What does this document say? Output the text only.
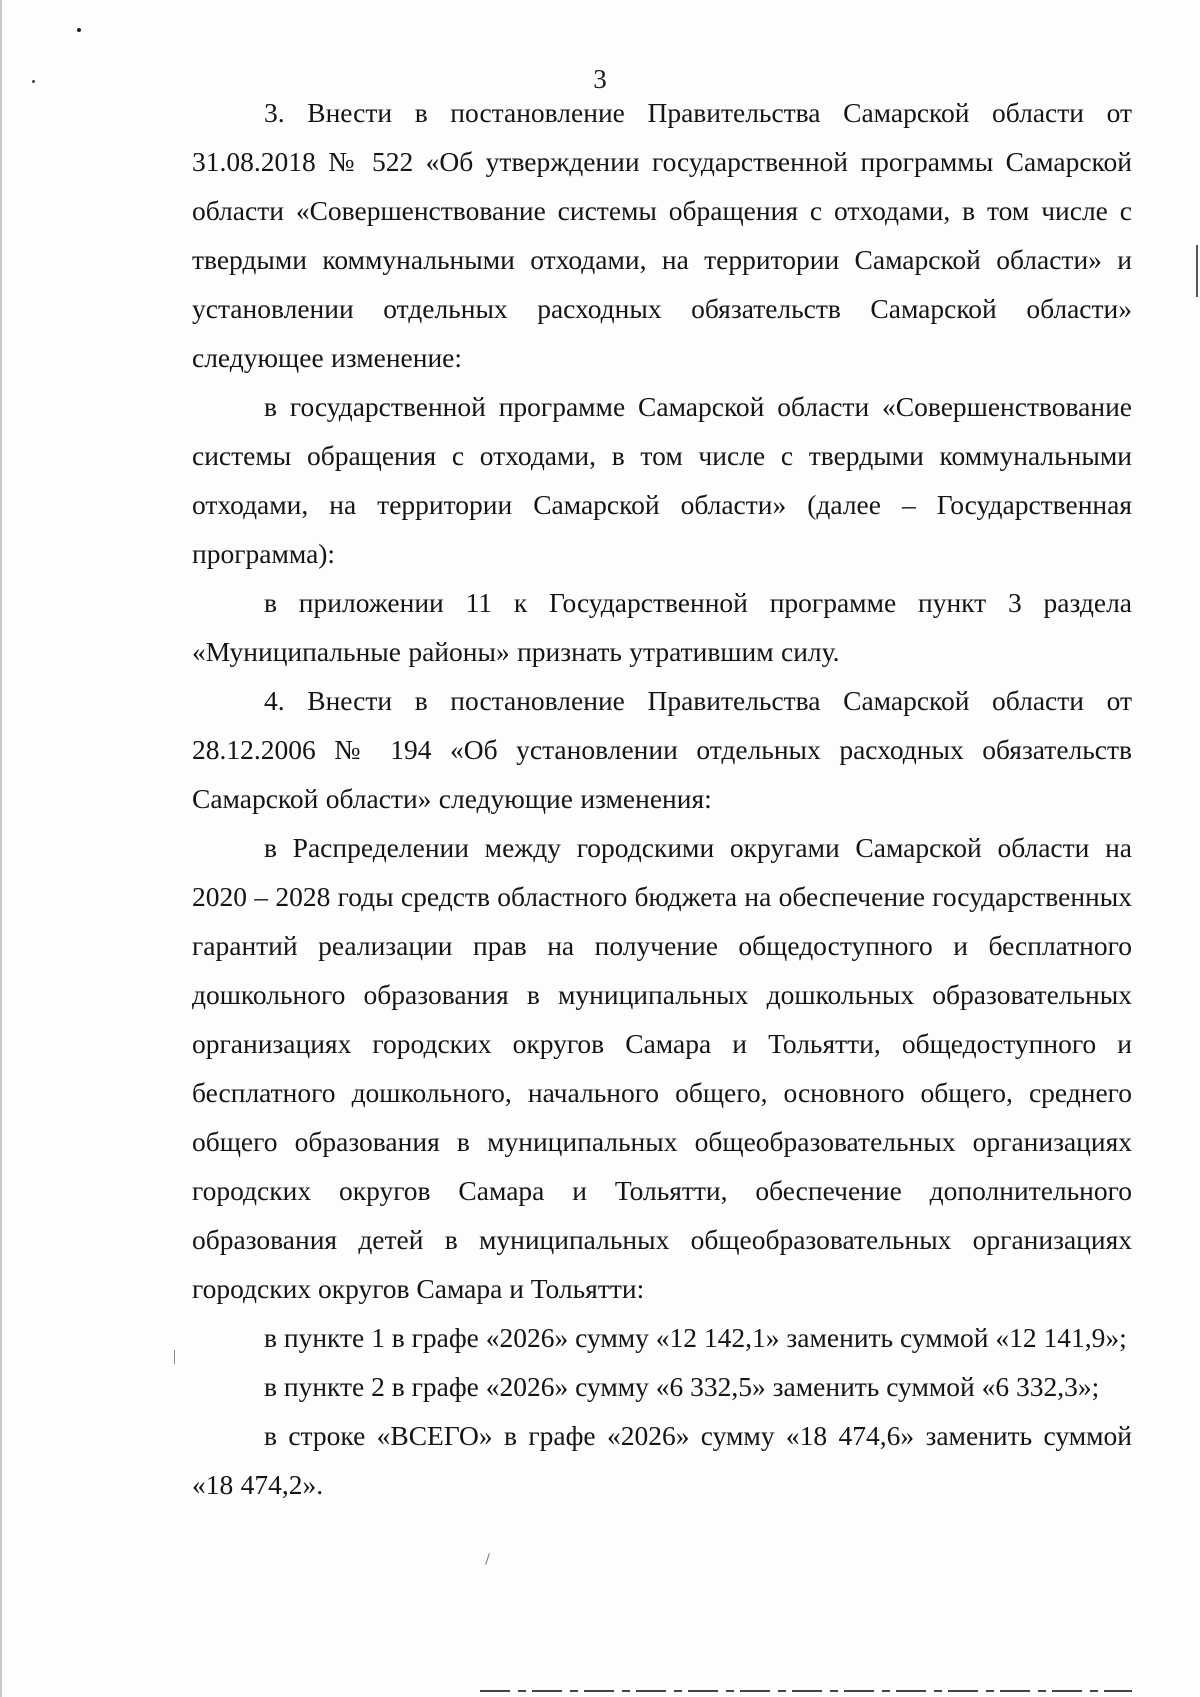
3

3. Внести в постановление Правительства Самарской области от 31.08.2018 № 522 «Об утверждении государственной программы Самарской области «Совершенствование системы обращения с отходами, в том числе с твердыми коммунальными отходами, на территории Самарской области» и установлении отдельных расходных обязательств Самарской области» следующее изменение:

в государственной программе Самарской области «Совершенствование системы обращения с отходами, в том числе с твердыми коммунальными отходами, на территории Самарской области» (далее – Государственная программа):

в приложении 11 к Государственной программе пункт 3 раздела «Муниципальные районы» признать утратившим силу.

4. Внести в постановление Правительства Самарской области от 28.12.2006 № 194 «Об установлении отдельных расходных обязательств Самарской области» следующие изменения:

в Распределении между городскими округами Самарской области на 2020 – 2028 годы средств областного бюджета на обеспечение государственных гарантий реализации прав на получение общедоступного и бесплатного дошкольного образования в муниципальных дошкольных образовательных организациях городских округов Самара и Тольятти, общедоступного и бесплатного дошкольного, начального общего, основного общего, среднего общего образования в муниципальных общеобразовательных организациях городских округов Самара и Тольятти, обеспечение дополнительного образования детей в муниципальных общеобразовательных организациях городских округов Самара и Тольятти:

в пункте 1 в графе «2026» сумму «12 142,1» заменить суммой «12 141,9»;

в пункте 2 в графе «2026» сумму «6 332,5» заменить суммой «6 332,3»;

в строке «ВСЕГО» в графе «2026» сумму «18 474,6» заменить суммой «18 474,2».
